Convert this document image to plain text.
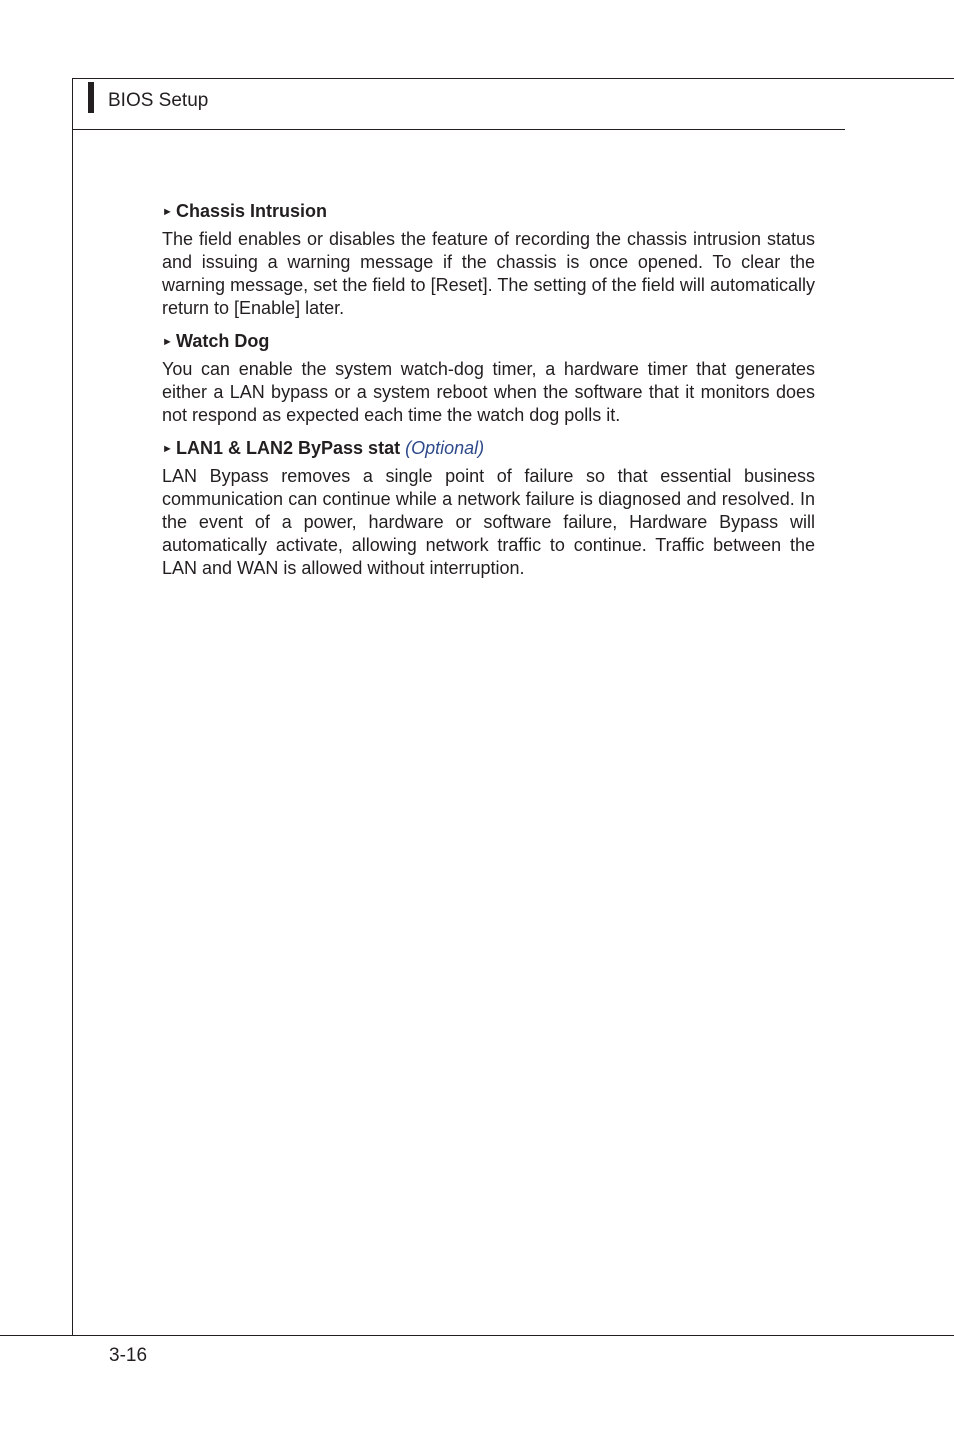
BIOS Setup
► Chassis Intrusion

The field enables or disables the feature of recording the chassis intrusion status and issuing a warning message if the chassis is once opened. To clear the warning message, set the field to [Reset]. The setting of the field will automatically return to [Enable] later.

► Watch Dog

You can enable the system watch-dog timer, a hardware timer that generates either a LAN bypass or a system reboot when the software that it monitors does not respond as expected each time the watch dog polls it.

► LAN1 & LAN2 ByPass stat (Optional)

LAN Bypass removes a single point of failure so that essential business communication can continue while a network failure is diagnosed and resolved. In the event of a power, hardware or software failure, Hardware Bypass will automatically activate, allowing network traffic to continue. Traffic between the LAN and WAN is allowed without interruption.

3-16
